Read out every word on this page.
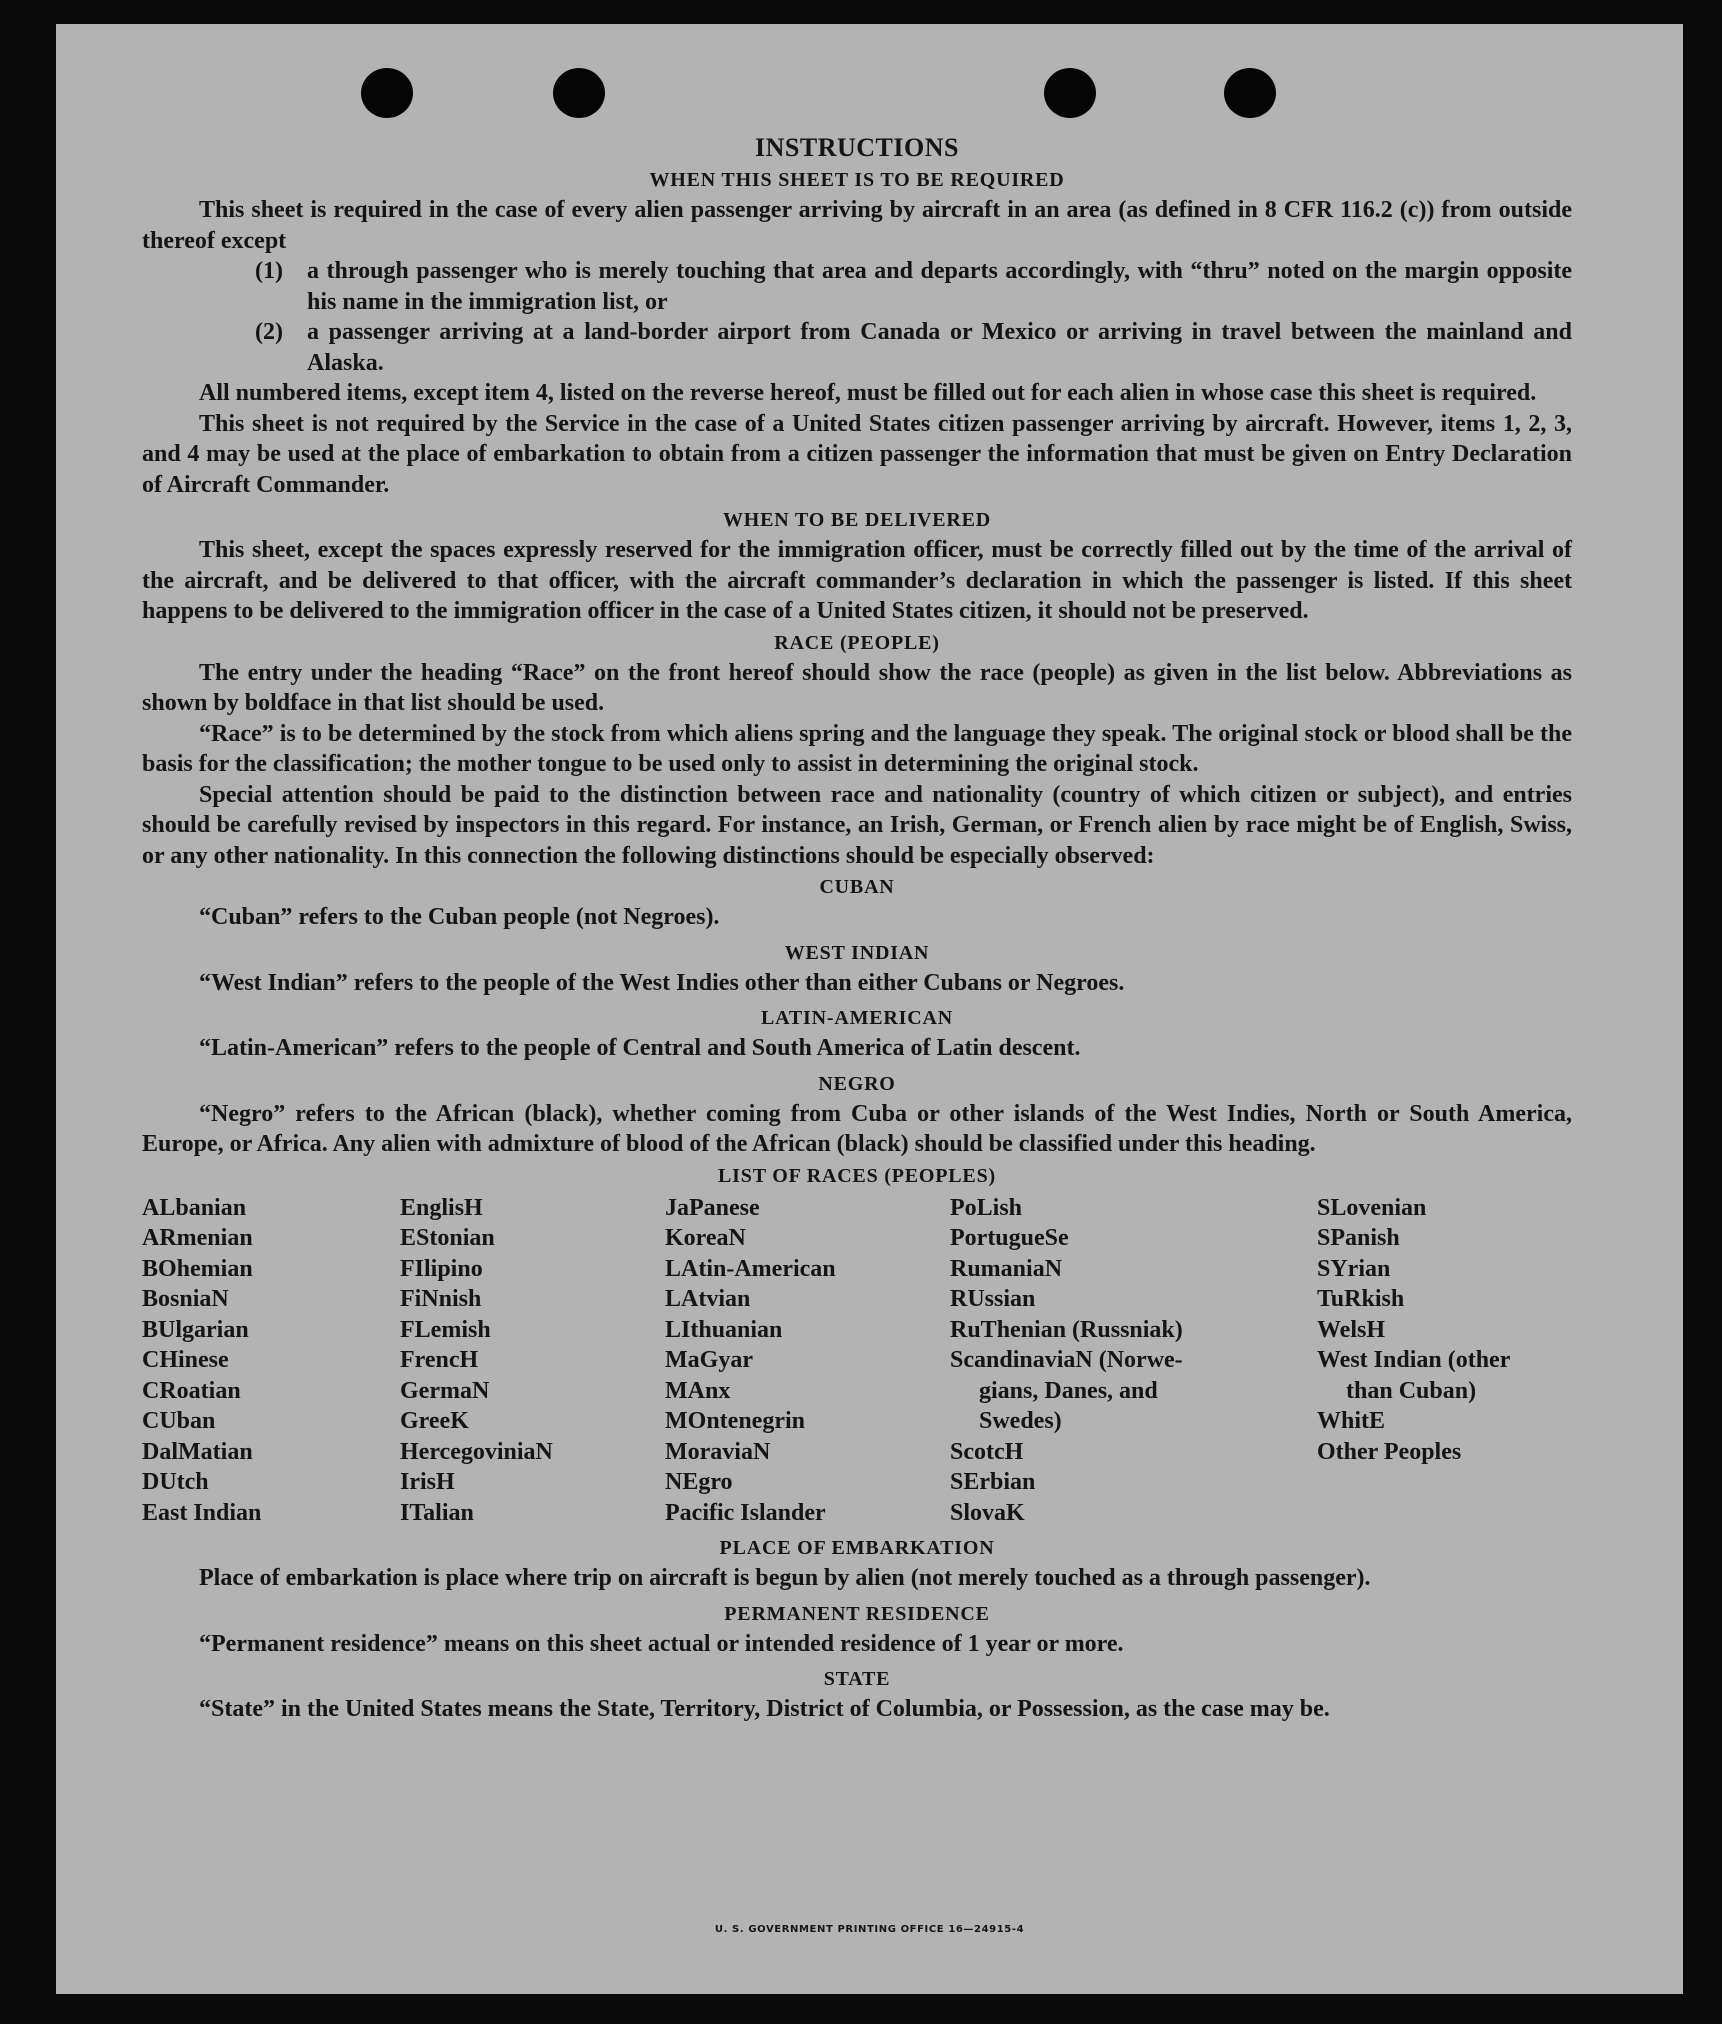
INSTRUCTIONS
WHEN THIS SHEET IS TO BE REQUIRED

This sheet is required in the case of every alien passenger arriving by aircraft in an area (as defined in 8 CFR 116.2 (c)) from outside thereof except

(1)	a through passenger who is merely touching that area and departs accordingly, with “thru” noted on the margin opposite his name in the immigration list, or
(2)	a passenger arriving at a land-border airport from Canada or Mexico or arriving in travel between the mainland and Alaska.

All numbered items, except item 4, listed on the reverse hereof, must be filled out for each alien in whose case this sheet is required.

This sheet is not required by the Service in the case of a United States citizen passenger arriving by aircraft. However, items 1, 2, 3, and 4 may be used at the place of embarkation to obtain from a citizen passenger the information that must be given on Entry Declaration of Aircraft Commander.

WHEN TO BE DELIVERED

This sheet, except the spaces expressly reserved for the immigration officer, must be correctly filled out by the time of the arrival of the aircraft, and be delivered to that officer, with the aircraft commander’s declaration in which the passenger is listed. If this sheet happens to be delivered to the immigration officer in the case of a United States citizen, it should not be preserved.

RACE (PEOPLE)

The entry under the heading “Race” on the front hereof should show the race (people) as given in the list below. Abbreviations as shown by boldface in that list should be used.

“Race” is to be determined by the stock from which aliens spring and the language they speak. The original stock or blood shall be the basis for the classification; the mother tongue to be used only to assist in determining the original stock.

Special attention should be paid to the distinction between race and nationality (country of which citizen or subject), and entries should be carefully revised by inspectors in this regard. For instance, an Irish, German, or French alien by race might be of English, Swiss, or any other nationality. In this connection the following distinctions should be especially observed:

CUBAN

“Cuban” refers to the Cuban people (not Negroes).

WEST INDIAN

“West Indian” refers to the people of the West Indies other than either Cubans or Negroes.

LATIN-AMERICAN

“Latin-American” refers to the people of Central and South America of Latin descent.

NEGRO

“Negro” refers to the African (black), whether coming from Cuba or other islands of the West Indies, North or South America, Europe, or Africa. Any alien with admixture of blood of the African (black) should be classified under this heading.

LIST OF RACES (PEOPLES)
ALbanian
ARmenian
BOhemian
BosniaN
BUlgarian
CHinese
CRoatian
CUban
DalMatian
DUtch
East Indian
EnglisH
EStonian
FIlipino
FiNnish
FLemish
FrencH
GermaN
GreeK
HercegoviniaN
IrisH
ITalian
JaPanese
KoreaN
LAtin-American
LAtvian
LIthuanian
MaGyar
MAnx
MOntenegrin
MoraviaN
NEgro
Pacific Islander
PoLish
PortugueSe
RumaniaN
RUssian
RuThenian (Russniak)
ScandinaviaN (Norwe-
gians, Danes, and
Swedes)
ScotcH
SErbian
SlovaK
SLovenian
SPanish
SYrian
TuRkish
WelsH
West Indian (other
than Cuban)
WhitE
Other Peoples
PLACE OF EMBARKATION

Place of embarkation is place where trip on aircraft is begun by alien (not merely touched as a through passenger).

PERMANENT RESIDENCE

“Permanent residence” means on this sheet actual or intended residence of 1 year or more.

STATE

“State” in the United States means the State, Territory, District of Columbia, or Possession, as the case may be.

U. S. GOVERNMENT PRINTING OFFICE 16—24915-4
